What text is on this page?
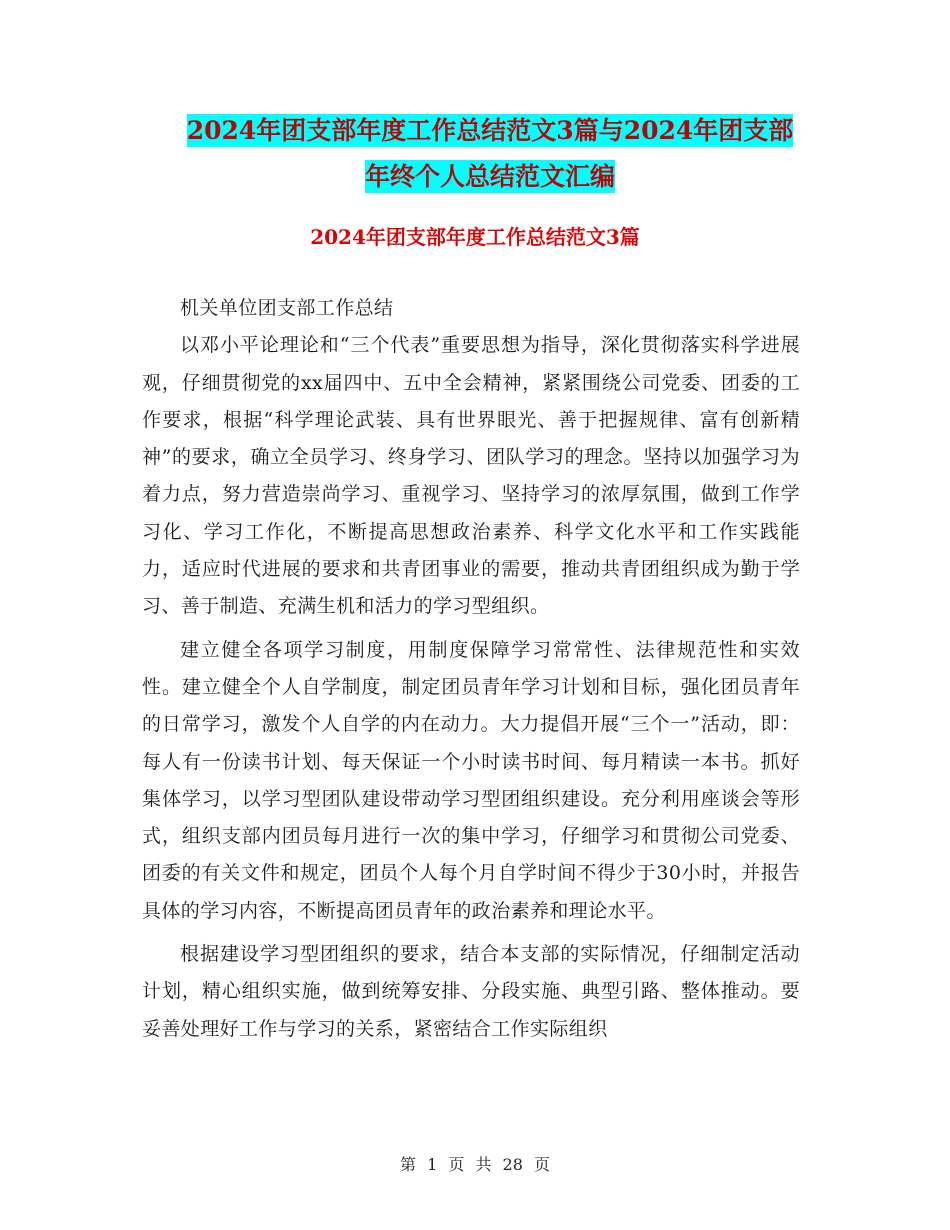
2024年团支部年度工作总结范文3篇与2024年团支部
年终个人总结范文汇编
2024年团支部年度工作总结范文3篇

机关单位团支部工作总结

以邓小平论理论和“三个代表”重要思想为指导，深化贯彻落实科学进展观，仔细贯彻党的xx届四中、五中全会精神，紧紧围绕公司党委、团委的工作要求，根据“科学理论武装、具有世界眼光、善于把握规律、富有创新精神”的要求，确立全员学习、终身学习、团队学习的理念。坚持以加强学习为着力点，努力营造崇尚学习、重视学习、坚持学习的浓厚氛围，做到工作学习化、学习工作化，不断提高思想政治素养、科学文化水平和工作实践能力，适应时代进展的要求和共青团事业的需要，推动共青团组织成为勤于学习、善于制造、充满生机和活力的学习型组织。

建立健全各项学习制度，用制度保障学习常常性、法律规范性和实效性。建立健全个人自学制度，制定团员青年学习计划和目标，强化团员青年的日常学习，激发个人自学的内在动力。大力提倡开展“三个一”活动，即：每人有一份读书计划、每天保证一个小时读书时间、每月精读一本书。抓好集体学习，以学习型团队建设带动学习型团组织建设。充分利用座谈会等形式，组织支部内团员每月进行一次的集中学习，仔细学习和贯彻公司党委、团委的有关文件和规定，团员个人每个月自学时间不得少于30小时，并报告具体的学习内容，不断提高团员青年的政治素养和理论水平。

根据建设学习型团组织的要求，结合本支部的实际情况，仔细制定活动计划，精心组织实施，做到统筹安排、分段实施、典型引路、整体推动。要妥善处理好工作与学习的关系，紧密结合工作实际组织

第 1 页 共 28 页
